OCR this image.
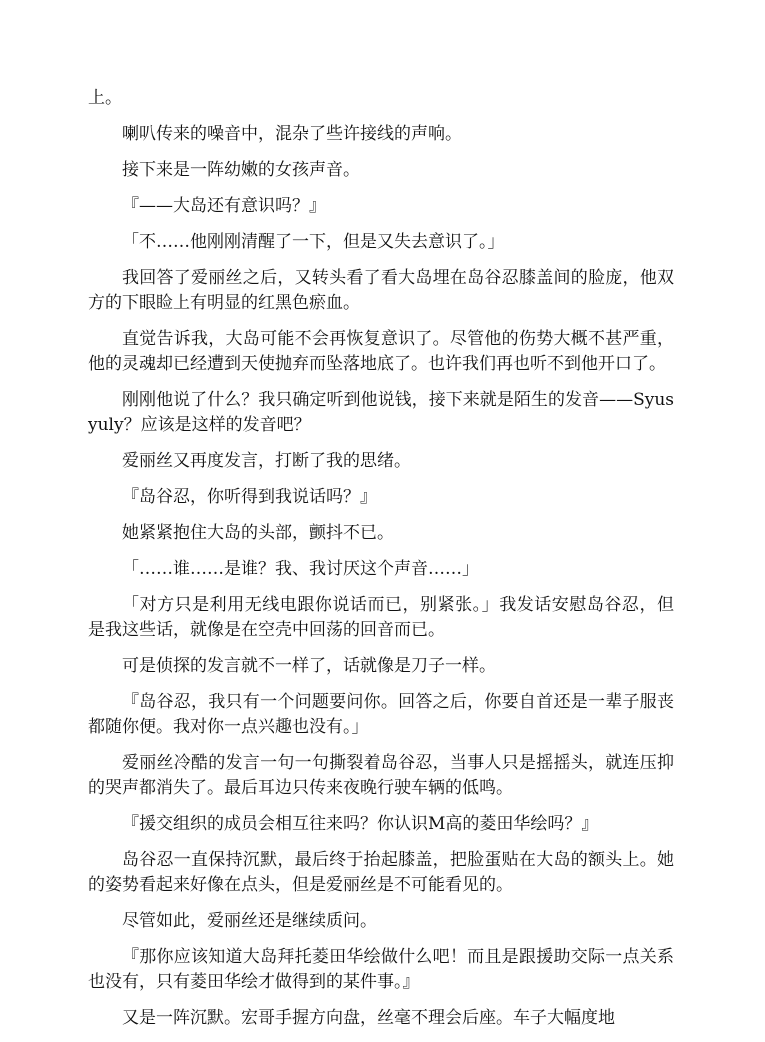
上。

喇叭传来的噪音中，混杂了些许接线的声响。

接下来是一阵幼嫩的女孩声音。

『——大岛还有意识吗？』

「不……他刚刚清醒了一下，但是又失去意识了。」

我回答了爱丽丝之后，又转头看了看大岛埋在岛谷忍膝盖间的脸庞，他双方的下眼睑上有明显的红黑色瘀血。

直觉告诉我，大岛可能不会再恢复意识了。尽管他的伤势大概不甚严重，他的灵魂却已经遭到天使抛弃而坠落地底了。也许我们再也听不到他开口了。

刚刚他说了什么？我只确定听到他说钱，接下来就是陌生的发音——Syusyuly？应该是这样的发音吧？

爱丽丝又再度发言，打断了我的思绪。

『岛谷忍，你听得到我说话吗？』

她紧紧抱住大岛的头部，颤抖不已。

「……谁……是谁？我、我讨厌这个声音……」

「对方只是利用无线电跟你说话而已，别紧张。」我发话安慰岛谷忍，但是我这些话，就像是在空壳中回荡的回音而已。

可是侦探的发言就不一样了，话就像是刀子一样。

『岛谷忍，我只有一个问题要问你。回答之后，你要自首还是一辈子服丧都随你便。我对你一点兴趣也没有。」

爱丽丝冷酷的发言一句一句撕裂着岛谷忍，当事人只是摇摇头，就连压抑的哭声都消失了。最后耳边只传来夜晚行驶车辆的低鸣。

『援交组织的成员会相互往来吗？你认识M高的菱田华绘吗？』

岛谷忍一直保持沉默，最后终于抬起膝盖，把脸蛋贴在大岛的额头上。她的姿势看起来好像在点头，但是爱丽丝是不可能看见的。

尽管如此，爱丽丝还是继续质问。

『那你应该知道大岛拜托菱田华绘做什么吧！而且是跟援助交际一点关系也没有，只有菱田华绘才做得到的某件事。』

又是一阵沉默。宏哥手握方向盘，丝毫不理会后座。车子大幅度地
